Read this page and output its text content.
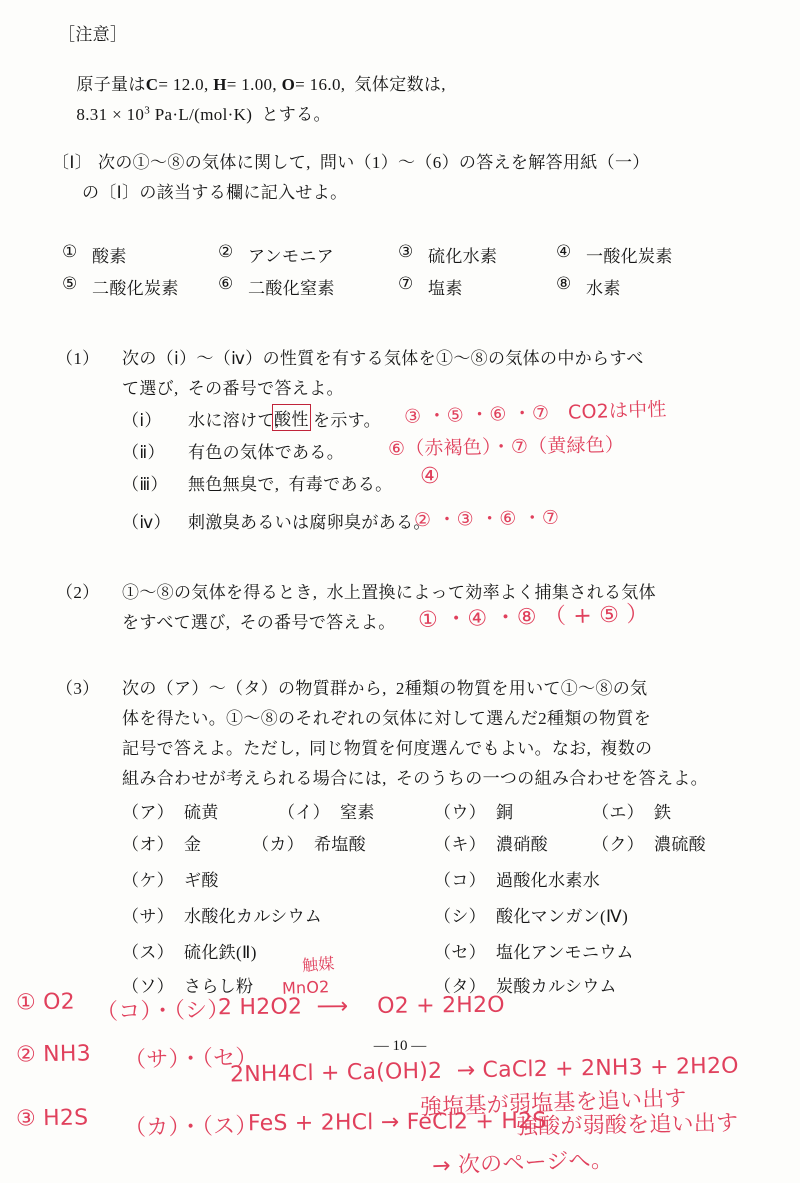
［注意］

原子量はC= 12.0, H= 1.00, O= 16.0,  気体定数は,

$8.31 \times 10^3$ Pa·L/(mol·K)  とする。

〔Ⅰ〕 次の①～⑧の気体に関して,  問い（1）～（6）の答えを解答用紙（一）
の〔Ⅰ〕の該当する欄に記入せよ。
① 酸素	② アンモニア	③ 硫化水素	④ 一酸化炭素
⑤ 二酸化炭素 ⑥ 二酸化窒素	⑦ 塩素	⑧ 水素
（1） 次の（ⅰ）～（ⅳ）の性質を有する気体を①～⑧の気体の中からすべ
て選び,  その番号で答えよ。
（ⅰ） 水に溶けて,
酸性 を示す。
（ⅱ） 有色の気体である。
（ⅲ） 無色無臭で,  有毒である。
（ⅳ） 刺激臭あるいは腐卵臭がある。
③ ・⑤ ・⑥ ・⑦ CO2は中性
⑥（赤褐色）・⑦（黄緑色）
④
② ・③ ・⑥ ・⑦
（2） ①～⑧の気体を得るとき,  水上置換によって効率よく捕集される気体
をすべて選び,  その番号で答えよ。 ① ・④ ・⑧ （ + ⑤ ）
（3） 次の（ア）～（タ）の物質群から,  2種類の物質を用いて①～⑧の気
体を得たい。①～⑧のそれぞれの気体に対して選んだ2種類の物質を
記号で答えよ。ただし,  同じ物質を何度選んでもよい。なお,  複数の
組み合わせが考えられる場合には,  そのうちの一つの組み合わせを答えよ。
（ア） 硫黄	（イ） 窒素	（ウ） 銅	（エ） 鉄
（オ） 金	（カ） 希塩酸	（キ） 濃硝酸	（ク） 濃硫酸
（ケ） ギ酸	（コ） 過酸化水素水
（サ） 水酸化カルシウム	（シ） 酸化マンガン(Ⅳ)
（ス） 硫化鉄(Ⅱ)	（セ） 塩化アンモニウム
（ソ） さらし粉	（タ） 炭酸カルシウム
触媒
MnO2
① O2 （コ）・（シ）
2 H2O2  ⟶    O2 + 2H2O
— 10 —
② NH3 （サ）・（セ）
2NH4Cl + Ca(OH)2  → CaCl2 + 2NH3 + 2H2O
強塩基が弱塩基を追い出す
③ H2S （カ）・（ス）
FeS + 2HCl → FeCl2 + H2S
強酸が弱酸を追い出す
→ 次のページへ。
